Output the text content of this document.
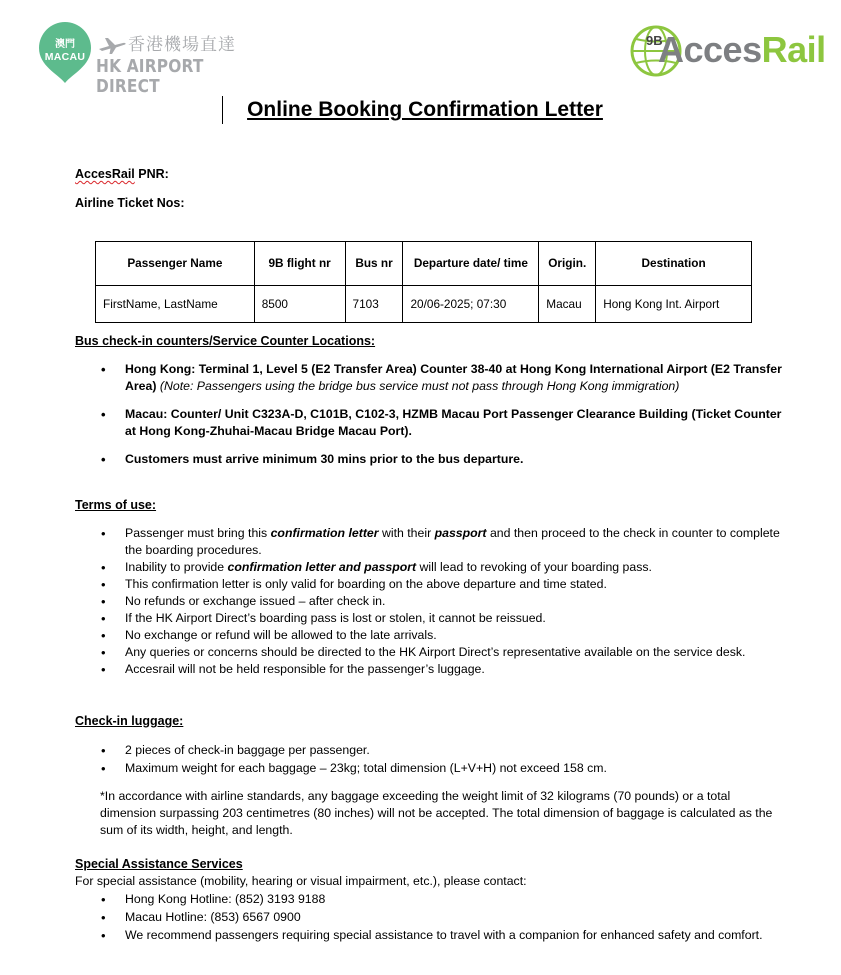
澳門
MACAU
香港機場直達
HK AIRPORT DIRECT
9B
AccesRail
Online Booking Confirmation Letter
AccesRail PNR:
Airline Ticket Nos:
Passenger Name	9B flight nr	Bus nr	Departure date/ time	Origin.	Destination
FirstName, LastName	8500	7103	20/06-2025; 07:30	Macau	Hong Kong Int. Airport
Bus check-in counters/Service Counter Locations:
• Hong Kong: Terminal 1, Level 5 (E2 Transfer Area) Counter 38-40 at Hong Kong International Airport (E2 Transfer Area) (Note: Passengers using the bridge bus service must not pass through Hong Kong immigration)
• Macau: Counter/ Unit C323A-D, C101B, C102-3, HZMB Macau Port Passenger Clearance Building (Ticket Counter at Hong Kong-Zhuhai-Macau Bridge Macau Port).
• Customers must arrive minimum 30 mins prior to the bus departure.
Terms of use:
• Passenger must bring this confirmation letter with their passport and then proceed to the check in counter to complete the boarding procedures.
• Inability to provide confirmation letter and passport will lead to revoking of your boarding pass.
• This confirmation letter is only valid for boarding on the above departure and time stated.
• No refunds or exchange issued – after check in.
• If the HK Airport Direct’s boarding pass is lost or stolen, it cannot be reissued.
• No exchange or refund will be allowed to the late arrivals.
• Any queries or concerns should be directed to the HK Airport Direct’s representative available on the service desk.
• Accesrail will not be held responsible for the passenger’s luggage.
Check-in luggage:
• 2 pieces of check-in baggage per passenger.
• Maximum weight for each baggage – 23kg; total dimension (L+V+H) not exceed 158 cm.
*In accordance with airline standards, any baggage exceeding the weight limit of 32 kilograms (70 pounds) or a total dimension surpassing 203 centimetres (80 inches) will not be accepted. The total dimension of baggage is calculated as the sum of its width, height, and length.
Special Assistance Services
For special assistance (mobility, hearing or visual impairment, etc.), please contact:
• Hong Kong Hotline: (852) 3193 9188
• Macau Hotline: (853) 6567 0900
• We recommend passengers requiring special assistance to travel with a companion for enhanced safety and comfort.
